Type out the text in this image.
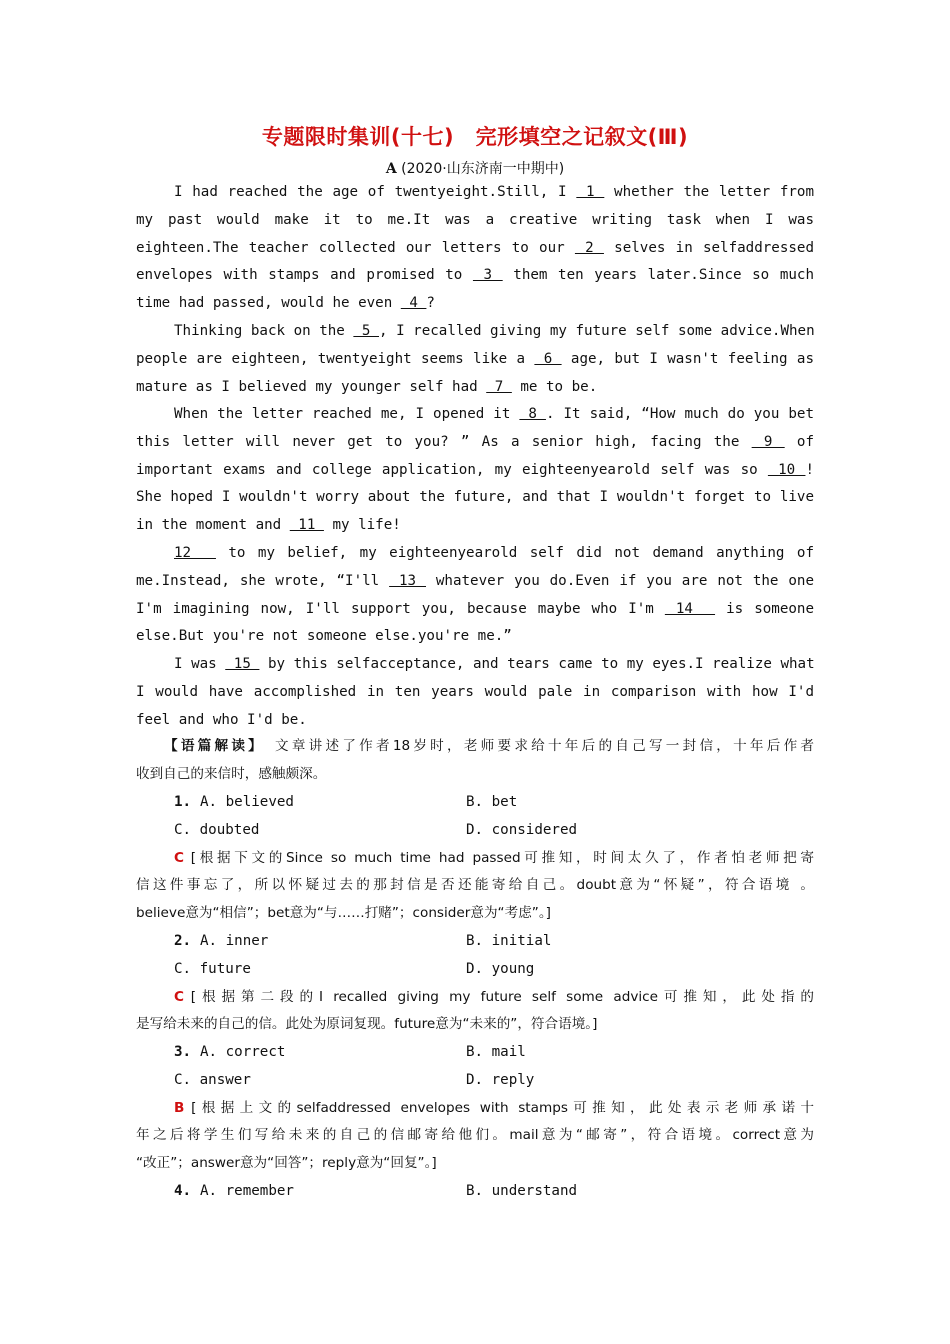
专题限时集训(十七)　完形填空之记叙文(Ⅲ)
A (2020·山东济南一中期中)
I had reached the age of twentyeight.Still, I  1  whether the letter from
my past would make it to me.It was a creative writing task when I was
eighteen.The teacher collected our letters to our  2  selves in selfaddressed
envelopes with stamps and promised to  3  them ten years later.Since so much
time had passed, would he even  4 ?
Thinking back on the  5 , I recalled giving my future self some advice.When
people are eighteen, twentyeight seems like a  6  age, but I wasn't feeling as
mature as I believed my younger self had  7  me to be.
When the letter reached me, I opened it  8 . It said, “How much do you bet
this letter will never get to you? ” As a senior high, facing the  9  of
important exams and college application, my eighteenyearold self was so  10 !
She hoped I wouldn't worry about the future, and that I wouldn't forget to live
in the moment and  11  my life!
12   to my belief, my eighteenyearold self did not demand anything of
me.Instead, she wrote, “I'll  13  whatever you do.Even if you are not the one
I'm imagining now, I'll support you, because maybe who I'm  14   is someone
else.But you're not someone else.you're me.”
I was  15  by this selfacceptance, and tears came to my eyes.I realize what
I would have accomplished in ten years would pale in comparison with how I'd
feel and who I'd be.
【语篇解读】 文章讲述了作者18岁时，老师要求给十年后的自己写一封信，十年后作者
收到自己的来信时，感触颇深。
1. A. believed	B. bet
C. doubted	D. considered
C [根据下文的Since so much time had passed可推知，时间太久了，作者怕老师把寄
信这件事忘了，所以怀疑过去的那封信是否还能寄给自己。doubt意为“怀疑”，符合语境 。
believe意为“相信”；bet意为“与……打赌”；consider意为“考虑”。]
2. A. inner	B. initial
C. future	D. young
C [根据第二段的I recalled giving my future self some advice可推知，此处指的
是写给未来的自己的信。此处为原词复现。future意为“未来的”，符合语境。]
3. A. correct	B. mail
C. answer	D. reply
B [根据上文的selfaddressed envelopes with stamps可推知，此处表示老师承诺十
年之后将学生们写给未来的自己的信邮寄给他们。mail意为“邮寄”，符合语境。correct意为
“改正”；answer意为“回答”；reply意为“回复”。]
4. A. remember	B. understand
